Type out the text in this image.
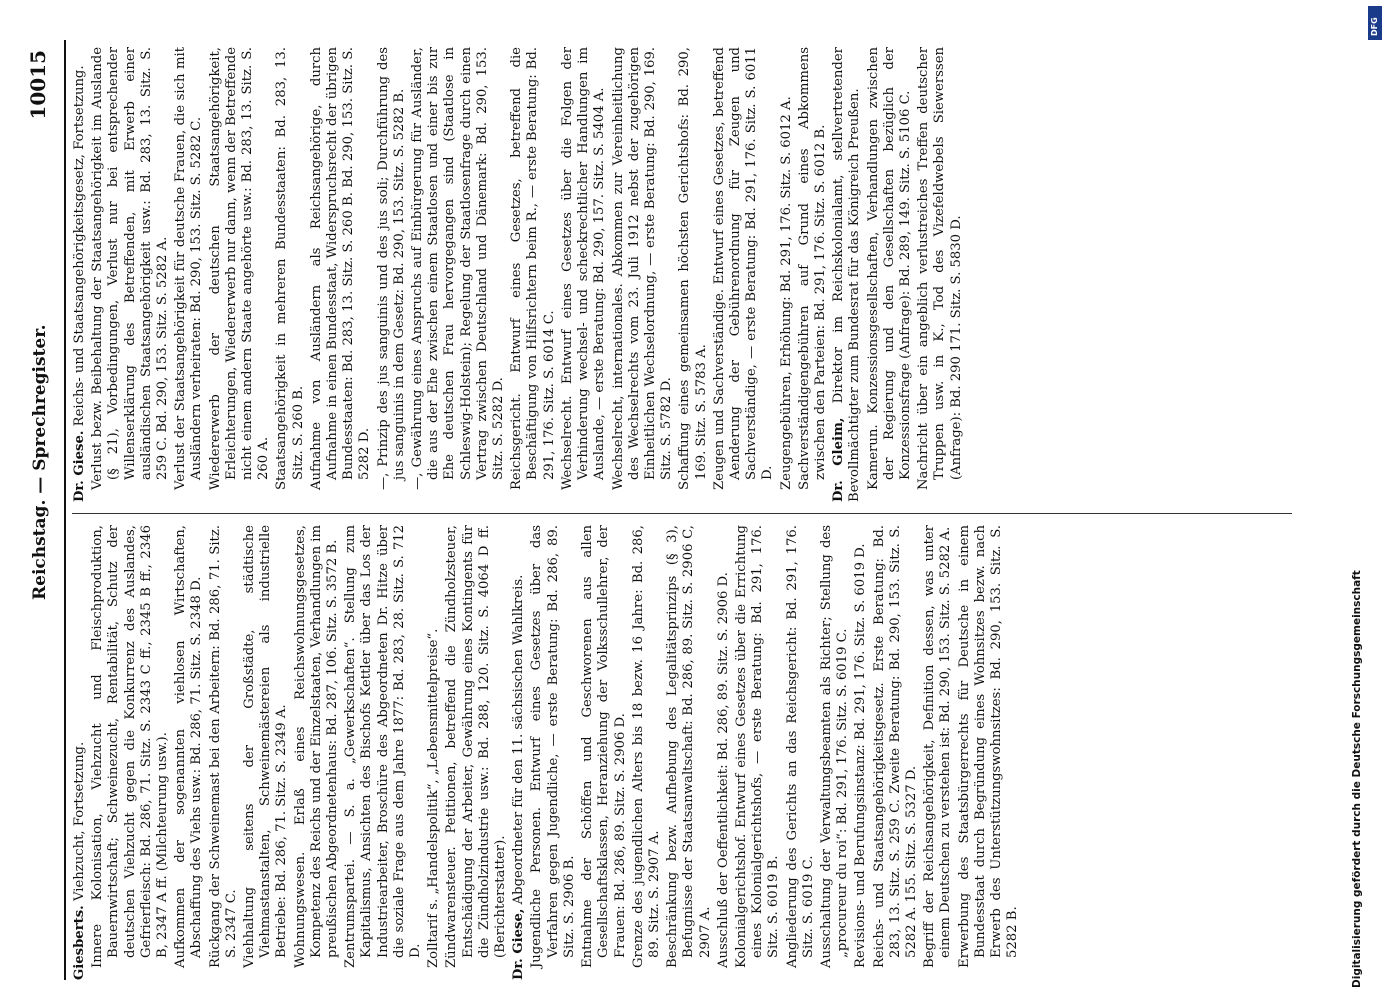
Reichstag. — Sprechregister.
10015
Giesberts. Viehzucht, Fortsetzung. Innere Kolonisation, Viehzucht und Fleischproduktion, Bauernwirtschaft; Schweinezucht, Rentabilität, Schutz der deutschen Viehzucht gegen die Konkurrenz des Auslandes, Gefrierfleisch: Bd. 286, 71. Sitz. S. 2343 C ff., 2345 B ff., 2346 B, 2347 A ff. (Milchteurung usw.). Aufkommen der sogenannten viehlosen Wirtschaften, Abschaffung des Viehs usw.: Bd. 286, 71. Sitz. S. 2348 D. Rückgang der Schweinemast bei den Arbeitern: Bd. 286, 71. Sitz. S. 2347 C. Viehhaltung seitens der Großstädte, städtische Viehmastanstalten, Schweinemästereien als industrielle Betriebe: Bd. 286, 71. Sitz. S. 2349 A. Wohnungswesen. Erlaß eines Reichswohnungsgesetzes, Kompetenz des Reichs und der Einzelstaaten, Verhandlungen im preußischen Abgeordnetenhaus: Bd. 287, 106. Sitz. S. 3572 B. Zentrumspartei. — S. a. „Gewerkschaften“. Stellung zum Kapitalismus, Ansichten des Bischofs Kettler über das Los der Industriearbeiter, Broschüre des Abgeordneten Dr. Hitze über die soziale Frage aus dem Jahre 1877: Bd. 283, 28. Sitz. S. 712 D. Zolltarif s. „Handelspolitik“, „Lebensmittelpreise“. Zündwarensteuer. Petitionen, betreffend die Zündholzsteuer, Entschädigung der Arbeiter, Gewährung eines Kontingents für die Zündholzindustrie usw.: Bd. 288, 120. Sitz. S. 4064 D ff. (Berichterstatter). Dr. Giese, Abgeordneter für den 11. sächsischen Wahlkreis. Jugendliche Personen. Entwurf eines Gesetzes über das Verfahren gegen Jugendliche, — erste Beratung: Bd. 286, 89. Sitz. S. 2906 B. Entnahme der Schöffen und Geschworenen aus allen Gesellschaftsklassen, Heranziehung der Volksschullehrer, der Frauen: Bd. 286, 89. Sitz. S. 2906 D. Grenze des jugendlichen Alters bis 18 bezw. 16 Jahre: Bd. 286, 89. Sitz. S. 2907 A. Beschränkung bezw. Aufhebung des Legalitätsprinzips (§ 3), Befugnisse der Staatsanwaltschaft: Bd. 286, 89. Sitz. S. 2906 C, 2907 A. Ausschluß der Oeffentlichkeit: Bd. 286, 89. Sitz. S. 2906 D. Kolonialgerichtshof. Entwurf eines Gesetzes über die Errichtung eines Kolonialgerichtshofs, — erste Beratung: Bd. 291, 176. Sitz. S. 6019 B. Angliederung des Gerichts an das Reichsgericht: Bd. 291, 176. Sitz. S. 6019 C. Ausschaltung der Verwaltungsbeamten als Richter; Stellung des „procureur du roi“: Bd. 291, 176. Sitz. S. 6019 C. Revisions- und Berufungsinstanz: Bd. 291, 176. Sitz. S. 6019 D. Reichs- und Staatsangehörigkeitsgesetz. Erste Beratung: Bd. 283, 13. Sitz. S. 259 C. Zweite Beratung: Bd. 290, 153. Sitz. S. 5282 A. 155. Sitz. S. 5327 D. Begriff der Reichsangehörigkeit, Definition dessen, was unter einem Deutschen zu verstehen ist: Bd. 290, 153. Sitz. S. 5282 A. Erwerbung des Staatsbürgerrechts für Deutsche in einem Bundesstaat durch Begründung eines Wohnsitzes bezw. nach Erwerb des Unterstützungswohnsitzes: Bd. 290, 153. Sitz. S. 5282 B.
Dr. Giese. Reichs- und Staatsangehörigkeitsgesetz, Fortsetzung. Verlust bezw. Beibehaltung der Staatsangehörigkeit im Auslande (§ 21), Vorbedingungen, Verlust nur bei entsprechender Willenserklärung des Betreffenden, mit Erwerb einer ausländischen Staatsangehörigkeit usw.: Bd. 283, 13. Sitz. S. 259 C. Bd. 290, 153. Sitz. S. 5282 A. Verlust der Staatsangehörigkeit für deutsche Frauen, die sich mit Ausländern verheiraten: Bd. 290, 153. Sitz. S. 5282 C. Wiedererwerb der deutschen Staatsangehörigkeit, Erleichterungen, Wiedererwerb nur dann, wenn der Betreffende nicht einem andern Staate angehörte usw.: Bd. 283, 13. Sitz. S. 260 A. Staatsangehörigkeit in mehreren Bundesstaaten: Bd. 283, 13. Sitz. S. 260 B. Aufnahme von Ausländern als Reichsangehörige, durch Aufnahme in einen Bundesstaat, Widerspruchsrecht der übrigen Bundesstaaten: Bd. 283, 13. Sitz. S. 260 B. Bd. 290, 153. Sitz. S. 5282 D. —, Prinzip des jus sanguinis und des jus soli; Durchführung des jus sanguinis in dem Gesetz: Bd. 290, 153. Sitz. S. 5282 B. —, Gewährung eines Anspruchs auf Einbürgerung für Ausländer, die aus der Ehe zwischen einem Staatlosen und einer bis zur Ehe deutschen Frau hervorgegangen sind (Staatlose in Schleswig-Holstein); Regelung der Staatlosenfrage durch einen Vertrag zwischen Deutschland und Dänemark: Bd. 290, 153. Sitz. S. 5282 D. Reichsgericht. Entwurf eines Gesetzes, betreffend die Beschäftigung von Hilfsrichtern beim R., — erste Beratung: Bd. 291, 176. Sitz. S. 6014 C. Wechselrecht. Entwurf eines Gesetzes über die Folgen der Verhinderung wechsel- und scheckrechtlicher Handlungen im Auslande, — erste Beratung: Bd. 290, 157. Sitz. S. 5404 A. Wechselrecht, internationales. Abkommen zur Vereinheitlichung des Wechselrechts vom 23. Juli 1912 nebst der zugehörigen Einheitlichen Wechselordnung, — erste Beratung: Bd. 290, 169. Sitz. S. 5782 D. Schaffung eines gemeinsamen höchsten Gerichtshofs: Bd. 290, 169. Sitz. S. 5783 A. Zeugen und Sachverständige. Entwurf eines Gesetzes, betreffend Aenderung der Gebührenordnung für Zeugen und Sachverständige, — erste Beratung: Bd. 291, 176. Sitz. S. 6011 D. Zeugengebühren, Erhöhung: Bd. 291, 176. Sitz. S. 6012 A. Sachverständigengebühren auf Grund eines Abkommens zwischen den Parteien: Bd. 291, 176. Sitz. S. 6012 B. Dr. Gleim, Direktor im Reichskolonialamt, stellvertretender Bevollmächtigter zum Bundesrat für das Königreich Preußen. Kamerun. Konzessionsgesellschaften, Verhandlungen zwischen der Regierung und den Gesellschaften bezüglich der Konzessionsfrage (Anfrage): Bd. 289, 149. Sitz. S. 5106 C. Nachricht über ein angeblich verlustreiches Treffen deutscher Truppen usw. in K., Tod des Vizefeldwebels Siewerssen (Anfrage): Bd. 290 171. Sitz. S. 5830 D.
Digitalisierung gefördert durch die Deutsche Forschungsgemeinschaft
DFG
